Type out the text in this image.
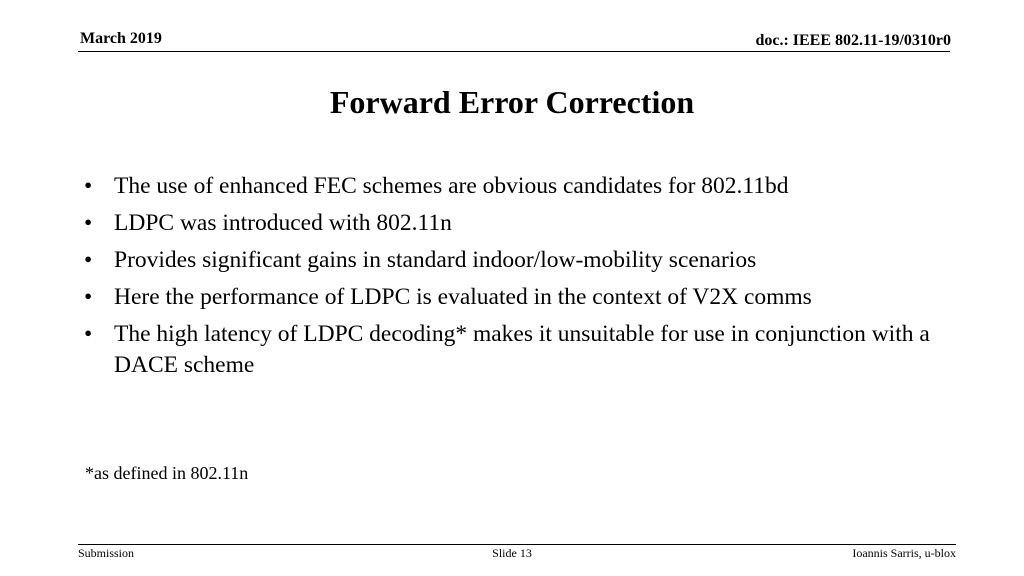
March 2019	doc.: IEEE 802.11-19/0310r0
Forward Error Correction
• The use of enhanced FEC schemes are obvious candidates for 802.11bd
• LDPC was introduced with 802.11n
• Provides significant gains in standard indoor/low-mobility scenarios
• Here the performance of LDPC is evaluated in the context of V2X comms
• The high latency of LDPC decoding* makes it unsuitable for use in conjunction with a DACE scheme
*as defined in 802.11n
Submission	Slide 13	Ioannis Sarris, u-blox
